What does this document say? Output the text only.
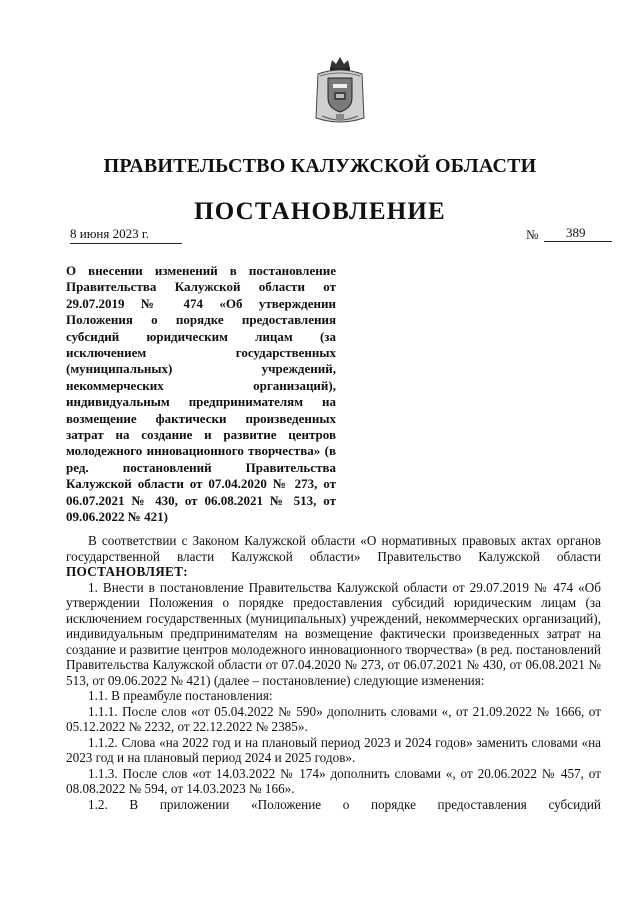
ПРАВИТЕЛЬСТВО КАЛУЖСКОЙ ОБЛАСТИ
ПОСТАНОВЛЕНИЕ
8 июня 2023 г.	№	389
О внесении изменений в постановление Правительства Калужской области от 29.07.2019 № 474 «Об утверждении Положения о порядке предоставления субсидий юридическим лицам (за исключением государственных (муниципальных) учреждений, некоммерческих организаций), индивидуальным предпринимателям на возмещение фактически произведенных затрат на создание и развитие центров молодежного инновационного творчества» (в ред. постановлений Правительства Калужской области от 07.04.2020 № 273, от 06.07.2021 № 430, от 06.08.2021 № 513, от 09.06.2022 № 421)

В соответствии с Законом Калужской области «О нормативных правовых актах органов государственной власти Калужской области» Правительство Калужской области ПОСТАНОВЛЯЕТ:

1. Внести в постановление Правительства Калужской области от 29.07.2019 № 474 «Об утверждении Положения о порядке предоставления субсидий юридическим лицам (за исключением государственных (муниципальных) учреждений, некоммерческих организаций), индивидуальным предпринимателям на возмещение фактически произведенных затрат на создание и развитие центров молодежного инновационного творчества» (в ред. постановлений Правительства Калужской области от 07.04.2020 № 273, от 06.07.2021 № 430, от 06.08.2021 № 513, от 09.06.2022 № 421) (далее – постановление) следующие изменения:

1.1. В преамбуле постановления:

1.1.1. После слов «от 05.04.2022 № 590» дополнить словами «, от 21.09.2022 № 1666, от 05.12.2022 № 2232, от 22.12.2022 № 2385».

1.1.2. Слова «на 2022 год и на плановый период 2023 и 2024 годов» заменить словами «на 2023 год и на плановый период 2024 и 2025 годов».

1.1.3. После слов «от 14.03.2022 № 174» дополнить словами «, от 20.06.2022 № 457, от 08.08.2022 № 594, от 14.03.2023 № 166».

1.2. В приложении «Положение о порядке предоставления субсидий
